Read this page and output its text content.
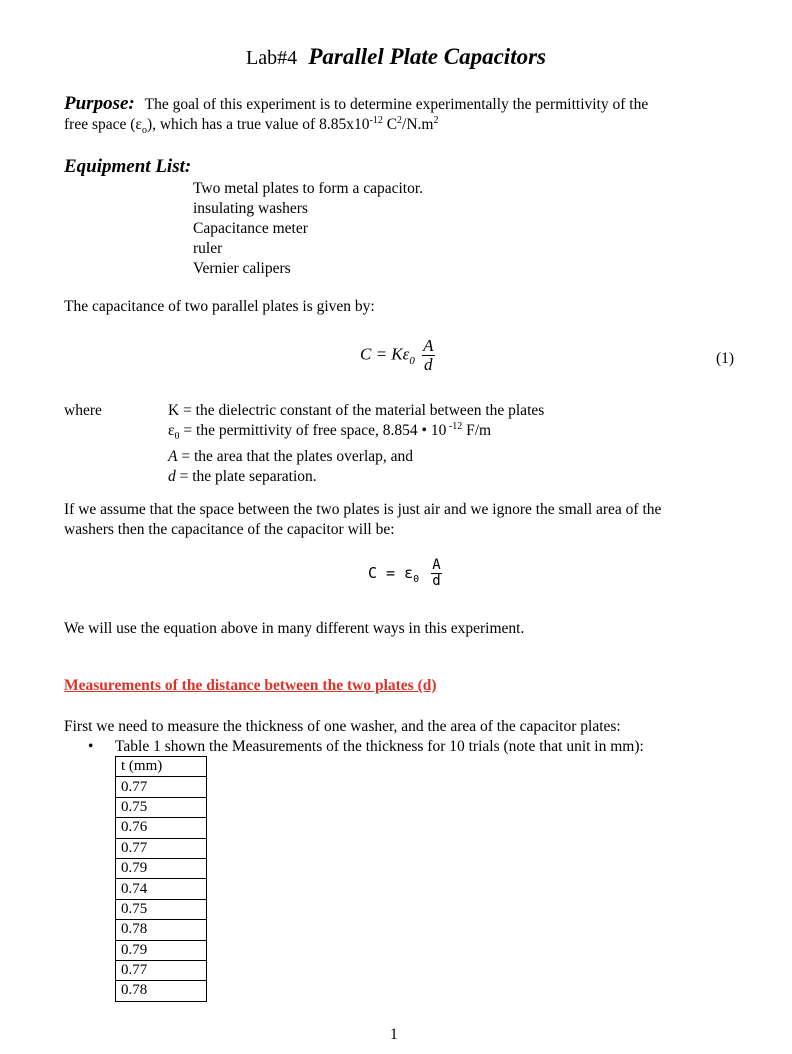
Lab#4 Parallel Plate Capacitors
Purpose: The goal of this experiment is to determine experimentally the permittivity of the
free space $(\varepsilon_o)$, which has a true value of $8.85x10^{-12}$ $C^2/N.m^2$
Equipment List:
Two metal plates to form a capacitor.
insulating washers
Capacitance meter
ruler
Vernier calipers
The capacitance of two parallel plates is given by:
$C = K\varepsilon_0 \frac{A}{d}$	(1)
where	K = the dielectric constant of the material between the plates
$\varepsilon_0$ = the permittivity of free space, 8.854 • 10 $^{-12}$ F/m
A = the area that the plates overlap, and
d = the plate separation.
If we assume that the space between the two plates is just air and we ignore the small area of the
washers then the capacitance of the capacitor will be:
$C = \varepsilon_0 \frac{A}{d}$
We will use the equation above in many different ways in this experiment.
Measurements of the distance between the two plates (d)
First we need to measure the thickness of one washer, and the area of the capacitor plates:
• Table 1 shown the Measurements of the thickness for 10 trials (note that unit in mm):
t (mm)
0.77
0.75
0.76
0.77
0.79
0.74
0.75
0.78
0.79
0.77
0.78
1
